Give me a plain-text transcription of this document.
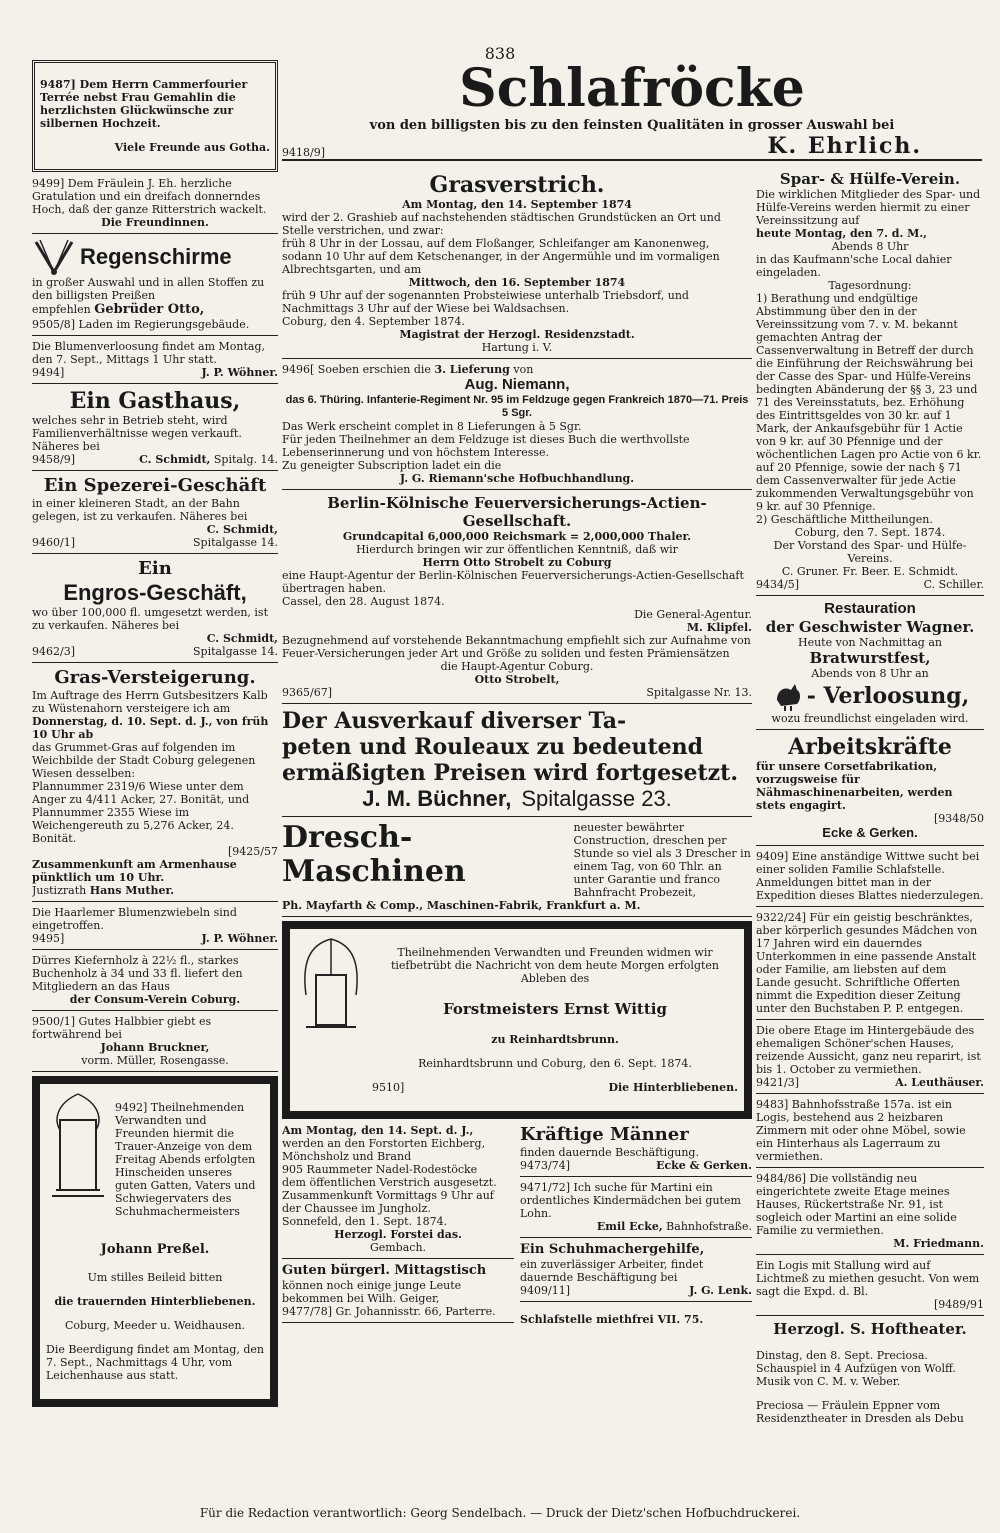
838
Schlafröcke
von den billigsten bis zu den feinsten Qualitäten in grosser Auswahl bei
9418/9]	K. Ehrlich.

9487] Dem Herrn Cammerfourier Terrée nebst Frau Gemahlin die herzlichsten Glückwünsche zur silbernen Hochzeit.

Viele Freunde aus Gotha.

9499] Dem Fräulein J. Eh. herzliche Gratulation und ein dreifach donnerndes Hoch, daß der ganze Ritterstrich wackelt.

Die Freundinnen.

Regenschirme

in großer Auswahl und in allen Stoffen zu den billigsten Preißen

empfehlen Gebrüder Otto,

9505/8] Laden im Regierungsgebäude.

Die Blumenverloosung findet am Montag, den 7. Sept., Mittags 1 Uhr statt.

9494]	J. P. Wöhner.

Ein Gasthaus,

welches sehr in Betrieb steht, wird Familienverhältnisse wegen verkauft.

Näheres bei

9458/9]	C. Schmidt, Spitalg. 14.

Ein Spezerei-Geschäft

in einer kleineren Stadt, an der Bahn gelegen, ist zu verkaufen. Näheres bei

C. Schmidt,

9460/1]	Spitalgasse 14.

Ein
Engros-Geschäft,

wo über 100,000 fl. umgesetzt werden, ist zu verkaufen. Näheres bei

C. Schmidt,

9462/3]	Spitalgasse 14.

Gras-Versteigerung.

Im Auftrage des Herrn Gutsbesitzers Kalb zu Wüstenahorn versteigere ich am

Donnerstag, d. 10. Sept. d. J., von früh 10 Uhr ab

das Grummet-Gras auf folgenden im Weichbilde der Stadt Coburg gelegenen Wiesen desselben:

Plannummer 2319/6 Wiese unter dem Anger zu 4/411 Acker, 27. Bonität, und

Plannummer 2355 Wiese im Weichengereuth zu 5,276 Acker, 24. Bonität.

[9425/57

Zusammenkunft am Armenhause pünktlich um 10 Uhr.

Justizrath Hans Muther.

Die Haarlemer Blumenzwiebeln sind eingetroffen.

9495]	J. P. Wöhner.

Dürres Kiefernholz à 22½ fl., starkes Buchenholz à 34 und 33 fl. liefert den Mitgliedern an das Haus

der Consum-Verein Coburg.

9500/1] Gutes Halbbier giebt es fortwährend bei

Johann Bruckner,

vorm. Müller, Rosengasse.

9492] Theilnehmenden Verwandten und Freunden hiermit die Trauer-Anzeige von dem Freitag Abends erfolgten Hinscheiden unseres guten Gatten, Vaters und Schwiegervaters des Schuhmachermeisters

Johann Preßel.

Um stilles Beileid bitten

die trauernden Hinterbliebenen.

Coburg, Meeder u. Weidhausen.

Die Beerdigung findet am Montag, den 7. Sept., Nachmittags 4 Uhr, vom Leichenhause aus statt.

Grasverstrich.

Am Montag, den 14. September 1874

wird der 2. Grashieb auf nachstehenden städtischen Grundstücken an Ort und Stelle verstrichen, und zwar:

früh 8 Uhr in der Lossau, auf dem Floßanger, Schleifanger am Kanonenweg, sodann 10 Uhr auf dem Ketschenanger, in der Angermühle und im vormaligen Albrechtsgarten, und am

Mittwoch, den 16. September 1874

früh 9 Uhr auf der sogenannten Probsteiwiese unterhalb Triebsdorf, und Nachmittags 3 Uhr auf der Wiese bei Waldsachsen.

Coburg, den 4. September 1874.

Magistrat der Herzogl. Residenzstadt.

Hartung i. V.

9496[ Soeben erschien die 3. Lieferung von

Aug. Niemann,

das 6. Thüring. Infanterie-Regiment Nr. 95 im Feldzuge gegen Frankreich 1870—71. Preis 5 Sgr.

Das Werk erscheint complet in 8 Lieferungen à 5 Sgr.

Für jeden Theilnehmer an dem Feldzuge ist dieses Buch die werthvollste Lebenserinnerung und von höchstem Interesse.

Zu geneigter Subscription ladet ein die

J. G. Riemann'sche Hofbuchhandlung.

Berlin-Kölnische Feuerversicherungs-Actien-
Gesellschaft.

Grundcapital 6,000,000 Reichsmark = 2,000,000 Thaler.

Hierdurch bringen wir zur öffentlichen Kenntniß, daß wir

Herrn Otto Strobelt zu Coburg

eine Haupt-Agentur der Berlin-Kölnischen Feuerversicherungs-Actien-Gesellschaft übertragen haben.

Cassel, den 28. August 1874.

Die General-Agentur.

M. Klipfel.

Bezugnehmend auf vorstehende Bekanntmachung empfiehlt sich zur Aufnahme von Feuer-Versicherungen jeder Art und Größe zu soliden und festen Prämiensätzen

die Haupt-Agentur Coburg.

Otto Strobelt,

9365/67]	Spitalgasse Nr. 13.

Der Ausverkauf diverser Ta-
peten und Rouleaux zu bedeutend
ermäßigten Preisen wird fortgesetzt.
J. M. Büchner, Spitalgasse 23.
Dresch-Maschinen
neuester bewährter Construction, dreschen per Stunde so viel als 3 Drescher in einem Tag, von 60 Thlr. an unter Garantie und franco Bahnfracht Probezeit,

Ph. Mayfarth & Comp., Maschinen-Fabrik, Frankfurt a. M.

Theilnehmenden Verwandten und Freunden widmen wir tiefbetrübt die Nachricht von dem heute Morgen erfolgten Ableben des

Forstmeisters Ernst Wittig

zu Reinhardtsbrunn.

Reinhardtsbrunn und Coburg, den 6. Sept. 1874.

9510]	Die Hinterbliebenen.

Am Montag, den 14. Sept. d. J.,

werden an den Forstorten Eichberg, Mönchsholz und Brand

905 Raummeter Nadel-Rodestöcke

dem öffentlichen Verstrich ausgesetzt.

Zusammenkunft Vormittags 9 Uhr auf der Chaussee im Jungholz.

Sonnefeld, den 1. Sept. 1874.

Herzogl. Forstei das.

Gembach.

Guten bürgerl. Mittagstisch

können noch einige junge Leute bekommen bei Wilh. Geiger,

9477/78] Gr. Johannisstr. 66, Parterre.

Kräftige Männer

finden dauernde Beschäftigung.

9473/74]	Ecke & Gerken.

9471/72] Ich suche für Martini ein ordentliches Kindermädchen bei gutem Lohn.

Emil Ecke, Bahnhofstraße.

Ein Schuhmachergehilfe,

ein zuverlässiger Arbeiter, findet dauernde Beschäftigung bei

9409/11]	J. G. Lenk.

Schlafstelle miethfrei VII. 75.

Spar- & Hülfe-Verein.

Die wirklichen Mitglieder des Spar- und Hülfe-Vereins werden hiermit zu einer Vereinssitzung auf

heute Montag, den 7. d. M.,

Abends 8 Uhr

in das Kaufmann'sche Local dahier eingeladen.

Tagesordnung:

1) Berathung und endgültige Abstimmung über den in der Vereinssitzung vom 7. v. M. bekannt gemachten Antrag der Cassenverwaltung in Betreff der durch die Einführung der Reichswährung bei der Casse des Spar- und Hülfe-Vereins bedingten Abänderung der §§ 3, 23 und 71 des Vereinsstatuts, bez. Erhöhung des Eintrittsgeldes von 30 kr. auf 1 Mark, der Ankaufsgebühr für 1 Actie von 9 kr. auf 30 Pfennige und der wöchentlichen Lagen pro Actie von 6 kr. auf 20 Pfennige, sowie der nach § 71 dem Cassenverwalter für jede Actie zukommenden Verwaltungsgebühr von 9 kr. auf 30 Pfennige.

2) Geschäftliche Mittheilungen.

Coburg, den 7. Sept. 1874.

Der Vorstand des Spar- und Hülfe-Vereins.

C. Gruner. Fr. Beer. E. Schmidt.

9434/5]	C. Schiller.

Restauration
der Geschwister Wagner.

Heute von Nachmittag an

Bratwurstfest,

Abends von 8 Uhr an

- Verloosung,

wozu freundlichst eingeladen wird.

Arbeitskräfte

für unsere Corsetfabrikation, vorzugsweise für Nähmaschinenarbeiten, werden stets engagirt.

[9348/50

Ecke & Gerken.

9409] Eine anständige Wittwe sucht bei einer soliden Familie Schlafstelle. Anmeldungen bittet man in der Expedition dieses Blattes niederzulegen.

9322/24] Für ein geistig beschränktes, aber körperlich gesundes Mädchen von 17 Jahren wird ein dauerndes Unterkommen in eine passende Anstalt oder Familie, am liebsten auf dem Lande gesucht. Schriftliche Offerten nimmt die Expedition dieser Zeitung unter den Buchstaben P. P. entgegen.

Die obere Etage im Hintergebäude des ehemaligen Schöner'schen Hauses, reizende Aussicht, ganz neu reparirt, ist bis 1. October zu vermiethen.

9421/3]	A. Leuthäuser.

9483] Bahnhofsstraße 157a. ist ein Logis, bestehend aus 2 heizbaren Zimmern mit oder ohne Möbel, sowie ein Hinterhaus als Lagerraum zu vermiethen.

9484/86] Die vollständig neu eingerichtete zweite Etage meines Hauses, Rückertstraße Nr. 91, ist sogleich oder Martini an eine solide Familie zu vermiethen.

M. Friedmann.

Ein Logis mit Stallung wird auf Lichtmeß zu miethen gesucht. Von wem sagt die Expd. d. Bl.

[9489/91

Herzogl. S. Hoftheater.

Dinstag, den 8. Sept. Preciosa. Schauspiel in 4 Aufzügen von Wolff. Musik von C. M. v. Weber.

Preciosa — Fräulein Eppner vom Residenztheater in Dresden als Debu

Für die Redaction verantwortlich: Georg Sendelbach. — Druck der Dietz'schen Hofbuchdruckerei.
